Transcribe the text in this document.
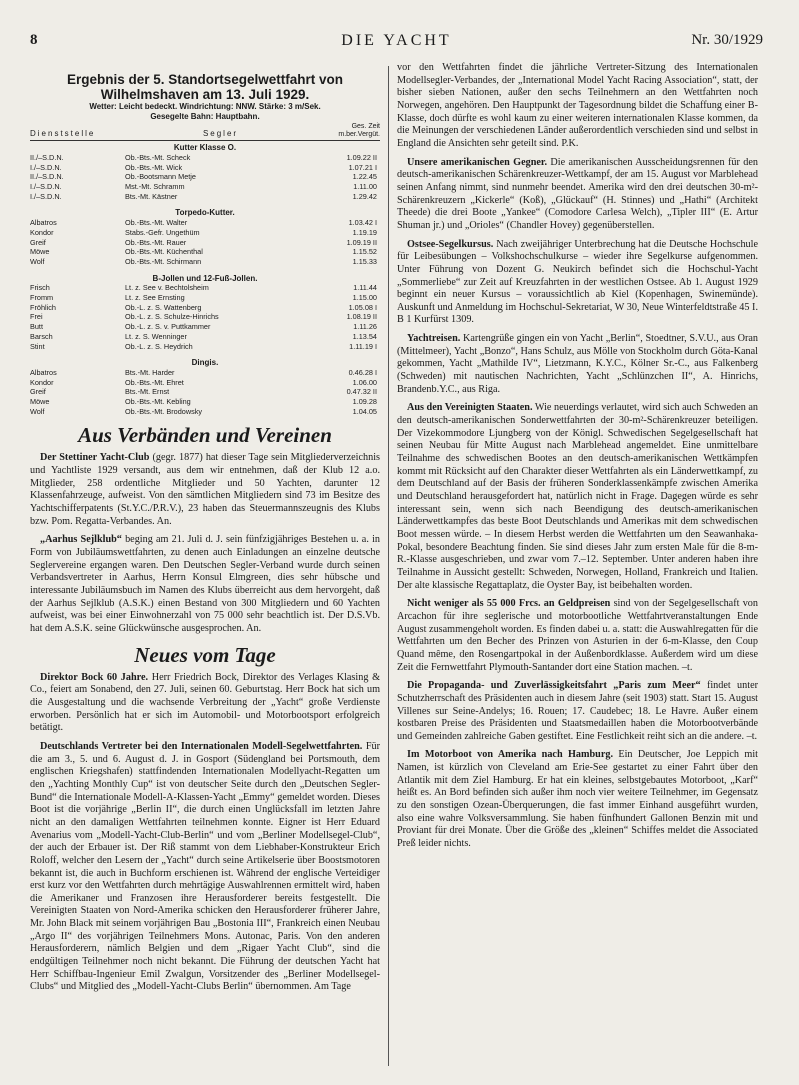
8	DIE YACHT	Nr. 30/1929
Ergebnis der 5. Standortsegelwettfahrt von Wilhelmshaven am 13. Juli 1929.
Wetter: Leicht bedeckt. Windrichtung: NNW. Stärke: 3 m/Sek.
Gesegelte Bahn: Hauptbahn.
Dienststelle	Segler	Ges. Zeit m.ber.Vergüt.

Kutter Klasse O.		
II./–S.D.N.	Ob.-Bts.-Mt. Scheck	1.09.22 II
I./–S.D.N.	Ob.-Bts.-Mt. Wick	1.07.21 I
II./–S.D.N.	Ob.-Bootsmann Metje	1.22.45
I./–S.D.N.	Mst.-Mt. Schramm	1.11.00
I./–S.D.N.	Bts.-Mt. Kästner	1.29.42

Torpedo-Kutter.		
Albatros	Ob.-Bts.-Mt. Walter	1.03.42 I
Kondor	Stabs.-Gefr. Ungethüm	1.19.19
Greif	Ob.-Bts.-Mt. Rauer	1.09.19 II
Möwe	Ob.-Bts.-Mt. Küchenthal	1.15.52
Wolf	Ob.-Bts.-Mt. Schirmann	1.15.33

B-Jollen und 12-Fuß-Jollen.		
Frisch	Lt. z. See v. Bechtolsheim	1.11.44
Fromm	Lt. z. See Ernsting	1.15.00
Fröhlich	Ob.-L. z. S. Wattenberg	1.05.08 I
Frei	Ob.-L. z. S. Schulze-Hinrichs	1.08.19 II
Butt	Ob.-L. z. S. v. Puttkammer	1.11.26
Barsch	Lt. z. S. Wenninger	1.13.54
Stint	Ob.-L. z. S. Heydrich	1.11.19 I

Dingis.		
Albatros	Bts.-Mt. Harder	0.46.28 I
Kondor	Ob.-Bts.-Mt. Ehret	1.06.00
Greif	Bts.-Mt. Ernst	0.47.32 II
Möwe	Ob.-Bts.-Mt. Kebling	1.09.28
Wolf	Ob.-Bts.-Mt. Brodowsky	1.04.05
Aus Verbänden und Vereinen

Der Stettiner Yacht-Club (gegr. 1877) hat dieser Tage sein Mitgliederverzeichnis und Yachtliste 1929 versandt, aus dem wir entnehmen, daß der Klub 12 a.o. Mitglieder, 258 ordentliche Mitglieder und 50 Yachten, darunter 12 Klassenfahrzeuge, aufweist. Von den sämtlichen Mitgliedern sind 73 im Besitze des Yachtschifferpatents (St.Y.C./P.R.V.), 23 haben das Steuermannszeugnis des Klubs bzw. Pom. Regatta-Verbandes. An.

„Aarhus Sejlklub“ beging am 21. Juli d. J. sein fünfzigjähriges Bestehen u. a. in Form von Jubiläumswettfahrten, zu denen auch Einladungen an einzelne deutsche Seglervereine ergangen waren. Den Deutschen Segler-Verband wurde durch seinen Verbandsvertreter in Aarhus, Herrn Konsul Elmgreen, dies sehr hübsche und interessante Jubiläumsbuch im Namen des Klubs überreicht aus dem hervorgeht, daß der Aarhus Sejlklub (A.S.K.) einen Bestand von 300 Mitgliedern und 60 Yachten aufweist, was bei einer Einwohnerzahl von 75 000 sehr beachtlich ist. Der D.S.Vb. hat dem A.S.K. seine Glückwünsche ausgesprochen. An.

Neues vom Tage

Direktor Bock 60 Jahre. Herr Friedrich Bock, Direktor des Verlages Klasing & Co., feiert am Sonabend, den 27. Juli, seinen 60. Geburtstag. Herr Bock hat sich um die Ausgestaltung und die wachsende Verbreitung der „Yacht“ große Verdienste erworben. Persönlich hat er sich im Automobil- und Motorbootsport erfolgreich betätigt.

Deutschlands Vertreter bei den Internationalen Modell-Segelwettfahrten. Für die am 3., 5. und 6. August d. J. in Gosport (Südengland bei Portsmouth, dem englischen Kriegshafen) stattfindenden Internationalen Modellyacht-Regatten um den „Yachting Monthly Cup“ ist von deutscher Seite durch den „Deutschen Segler-Bund“ die Internationale Modell-A-Klassen-Yacht „Emmy“ gemeldet worden. Dieses Boot ist die vorjährige „Berlin II“, die durch einen Unglücksfall im letzten Jahre nicht an den damaligen Wettfahrten teilnehmen konnte. Eigner ist Herr Eduard Avenarius vom „Modell-Yacht-Club-Berlin“ und vom „Berliner Modellsegel-Club“, der auch der Erbauer ist. Der Riß stammt von dem Liebhaber-Konstrukteur Erich Roloff, welcher den Lesern der „Yacht“ durch seine Artikelserie über Boostsmotoren bekannt ist, die auch in Buchform erschienen ist. Während der englische Verteidiger erst kurz vor den Wettfahrten durch mehrtägige Auswahlrennen ermittelt wird, haben die Amerikaner und Franzosen ihre Herausforderer bereits festgestellt. Die Vereinigten Staaten von Nord-Amerika schicken den Herausforderer früherer Jahre, Mr. John Black mit seinem vorjährigen Bau „Bostonia III“, Frankreich einen Neubau „Argo II“ des vorjährigen Teilnehmers Mons. Autonac, Paris. Von den anderen Herausforderern, nämlich Belgien und dem „Rigaer Yacht Club“, sind die endgültigen Teilnehmer noch nicht bekannt. Die Führung der deutschen Yacht hat Herr Schiffbau-Ingenieur Emil Zwalgun, Vorsitzender des „Berliner Modellsegel-Clubs“ und Mitglied des „Modell-Yacht-Clubs Berlin“ übernommen. Am Tage

vor den Wettfahrten findet die jährliche Vertreter-Sitzung des Internationalen Modellsegler-Verbandes, der „International Model Yacht Racing Association“, statt, der bisher sieben Nationen, außer den sechs Teilnehmern an den Wettfahrten noch Norwegen, angehören. Den Hauptpunkt der Tagesordnung bildet die Schaffung einer B-Klasse, doch dürfte es wohl kaum zu einer weiteren internationalen Klasse kommen, da die Meinungen der verschiedenen Länder außerordentlich verschieden sind und selbst in England die Ansichten sehr geteilt sind. P.K.

Unsere amerikanischen Gegner. Die amerikanischen Ausscheidungsrennen für den deutsch-amerikanischen Schärenkreuzer-Wettkampf, der am 15. August vor Marblehead seinen Anfang nimmt, sind nunmehr beendet. Amerika wird den drei deutschen 30-m²-Schärenkreuzern „Kickerle“ (Koß), „Glückauf“ (H. Stinnes) und „Hathi“ (Architekt Theede) die drei Boote „Yankee“ (Comodore Carlesa Welch), „Tipler III“ (E. Artur Shuman jr.) und „Orioles“ (Chandler Hovey) gegenüberstellen.

Ostsee-Segelkursus. Nach zweijähriger Unterbrechung hat die Deutsche Hochschule für Leibesübungen – Volkshochschulkurse – wieder ihre Segelkurse aufgenommen. Unter Führung von Dozent G. Neukirch befindet sich die Hochschul-Yacht „Sommerliebe“ zur Zeit auf Kreuzfahrten in der westlichen Ostsee. Ab 1. August 1929 beginnt ein neuer Kursus – voraussichtlich ab Kiel (Kopenhagen, Swinemünde). Auskunft und Anmeldung im Hochschul-Sekretariat, W 30, Neue Winterfeldtstraße 45 I. B 1 Kurfürst 1309.

Yachtreisen. Kartengrüße gingen ein von Yacht „Berlin“, Stoedtner, S.V.U., aus Oran (Mittelmeer), Yacht „Bonzo“, Hans Schulz, aus Mölle von Stockholm durch Göta-Kanal gekommen, Yacht „Mathilde IV“, Lietzmann, K.Y.C., Kölner Sr.-C., aus Falkenberg (Schweden) mit nautischen Nachrichten, Yacht „Schlünzchen II“, A. Hinrichs, Brandenb.Y.C., aus Riga.

Aus den Vereinigten Staaten. Wie neuerdings verlautet, wird sich auch Schweden an den deutsch-amerikanischen Sonderwettfahrten der 30-m²-Schärenkreuzer beteiligen. Der Vizekommodore Ljungberg von der Königl. Schwedischen Segelgesellschaft hat seinen Neubau für Mitte August nach Marblehead angemeldet. Eine unmittelbare Teilnahme des schwedischen Bootes an den deutsch-amerikanischen Wettkämpfen kommt mit Rücksicht auf den Charakter dieser Wettfahrten als ein Länderwettkampf, zu dem Deutschland auf der Basis der früheren Sonderklassenkämpfe zwischen Amerika und Deutschland herausgefordert hat, natürlich nicht in Frage. Dagegen würde es sehr interessant sein, wenn sich nach Beendigung des deutsch-amerikanischen Länderwettkampfes das beste Boot Deutschlands und Amerikas mit dem schwedischen Boot messen würde. – In diesem Herbst werden die Wettfahrten um den Seawanhaka-Pokal, besondere Beachtung finden. Sie sind dieses Jahr zum ersten Male für die 8-m-R.-Klasse ausgeschrieben, und zwar vom 7.–12. September. Unter anderen haben ihre Teilnahme in Aussicht gestellt: Schweden, Norwegen, Holland, Frankreich und Italien. Der alte klassische Regattaplatz, die Oyster Bay, ist beibehalten worden.

Nicht weniger als 55 000 Frcs. an Geldpreisen sind von der Segelgesellschaft von Arcachon für ihre seglerische und motorbootliche Wettfahrtveranstaltungen Ende August zusammengeholt worden. Es finden dabei u. a. statt: die Auswahlregatten für die Wettfahrten um den Becher des Prinzen von Asturien in der 6-m-Klasse, den Coup Quand même, den Rosengartpokal in der Außenbordklasse. Außerdem wird um diese Zeit die Fernwettfahrt Plymouth-Santander dort eine Station machen. –t.

Die Propaganda- und Zuverlässigkeitsfahrt „Paris zum Meer“ findet unter Schutzherrschaft des Präsidenten auch in diesem Jahre (seit 1903) statt. Start 15. August Villenes sur Seine-Andelys; 16. Rouen; 17. Caudebec; 18. Le Havre. Außer einem kostbaren Preise des Präsidenten und Staatsmedaillen haben die Motorbootverbände und Gemeinden zahlreiche Gaben gestiftet. Eine Festlichkeit reiht sich an die andere. –t.

Im Motorboot von Amerika nach Hamburg. Ein Deutscher, Joe Leppich mit Namen, ist kürzlich von Cleveland am Erie-See gestartet zu einer Fahrt über den Atlantik mit dem Ziel Hamburg. Er hat ein kleines, selbstgebautes Motorboot, „Karf“ heißt es. An Bord befinden sich außer ihm noch vier weitere Teilnehmer, im Gegensatz zu den sonstigen Ozean-Überquerungen, die fast immer Einhand ausgeführt wurden, also eine wahre Volksversammlung. Sie haben fünfhundert Gallonen Benzin mit und Proviant für drei Monate. Über die Größe des „kleinen“ Schiffes meldet die Associated Preß leider nichts.
